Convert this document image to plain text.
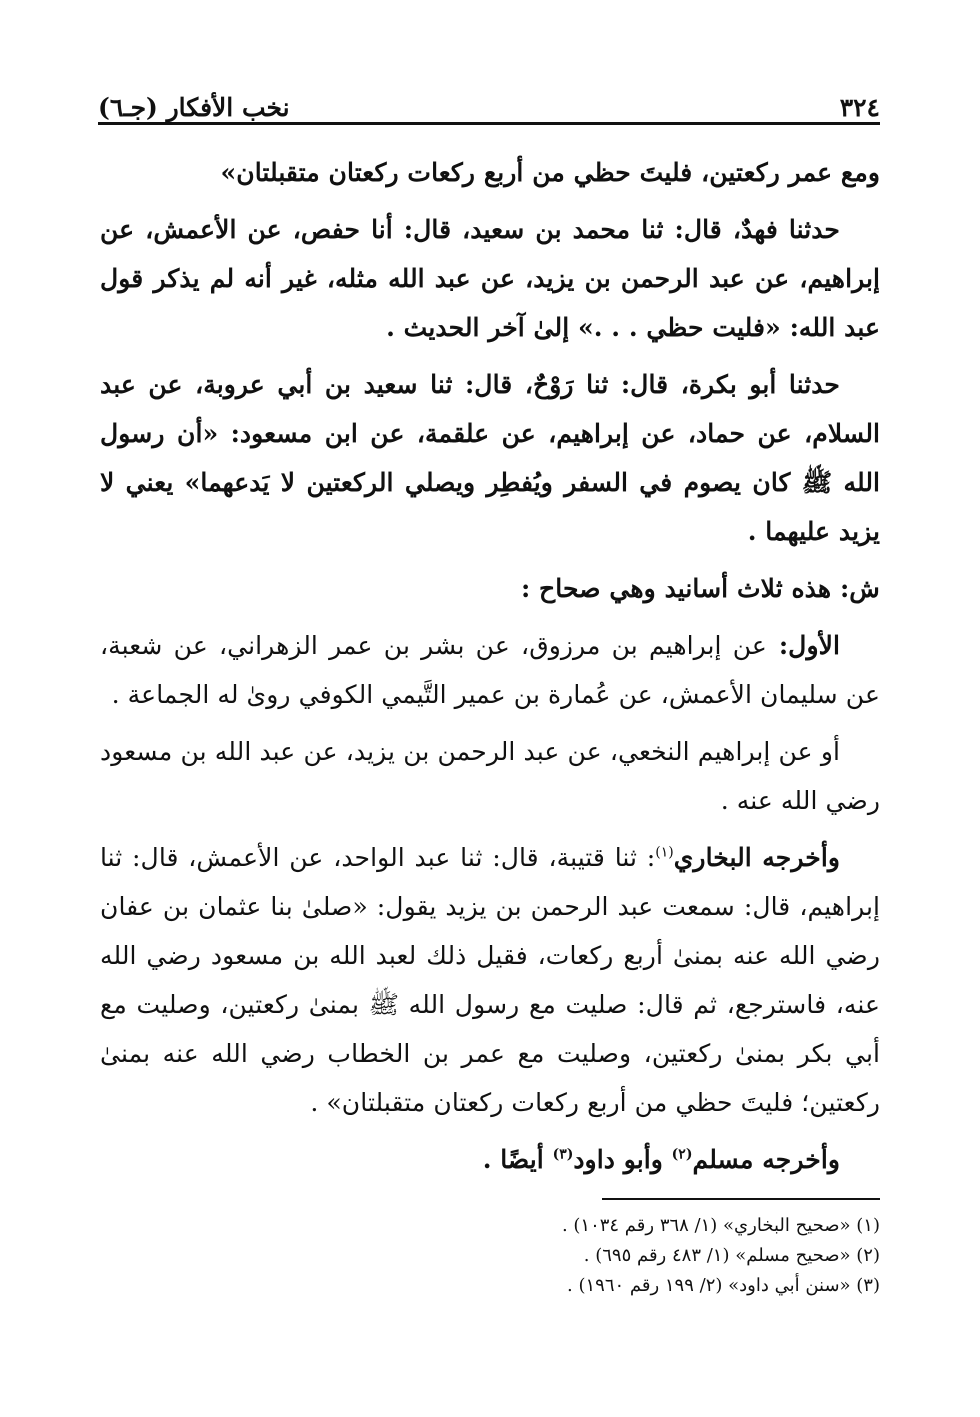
٣٢٤
نخب الأفكار (جـ٦)

ومع عمر ركعتين، فليتَ حظي من أربع ركعات ركعتان متقبلتان»

حدثنا فهدٌ، قال: ثنا محمد بن سعيد، قال: أنا حفص، عن الأعمش، عن إبراهيم، عن عبد الرحمن بن يزيد، عن عبد الله مثله، غير أنه لم يذكر قول عبد الله: «فليت حظي . . .» إلىٰ آخر الحديث .

حدثنا أبو بكرة، قال: ثنا رَوْحٌ، قال: ثنا سعيد بن أبي عروبة، عن عبد السلام، عن حماد، عن إبراهيم، عن علقمة، عن ابن مسعود: «أن رسول الله ﷺ كان يصوم في السفر ويُفطِر ويصلي الركعتين لا يَدعهما» يعني لا يزيد عليهما .

ش: هذه ثلاث أسانيد وهي صحاح :

الأول: عن إبراهيم بن مرزوق، عن بشر بن عمر الزهراني، عن شعبة، عن سليمان الأعمش، عن عُمارة بن عمير التَّيمي الكوفي روىٰ له الجماعة .

أو عن إبراهيم النخعي، عن عبد الرحمن بن يزيد، عن عبد الله بن مسعود رضي الله عنه .

وأخرجه البخاري$^{(١)}$: ثنا قتيبة، قال: ثنا عبد الواحد، عن الأعمش، قال: ثنا إبراهيم، قال: سمعت عبد الرحمن بن يزيد يقول: «صلىٰ بنا عثمان بن عفان رضي الله عنه بمنىٰ أربع ركعات، فقيل ذلك لعبد الله بن مسعود رضي الله عنه، فاسترجع، ثم قال: صليت مع رسول الله ﷺ بمنىٰ ركعتين، وصليت مع أبي بكر بمنىٰ ركعتين، وصليت مع عمر بن الخطاب رضي الله عنه بمنىٰ ركعتين؛ فليتَ حظي من أربع ركعات ركعتان متقبلتان» .

وأخرجه مسلم$^{(٢)}$ وأبو داود$^{(٣)}$ أيضًا .

(١) «صحيح البخاري» (١/ ٣٦٨ رقم ١٠٣٤) .

(٢) «صحيح مسلم» (١/ ٤٨٣ رقم ٦٩٥) .

(٣) «سنن أبي داود» (٢/ ١٩٩ رقم ١٩٦٠) .
